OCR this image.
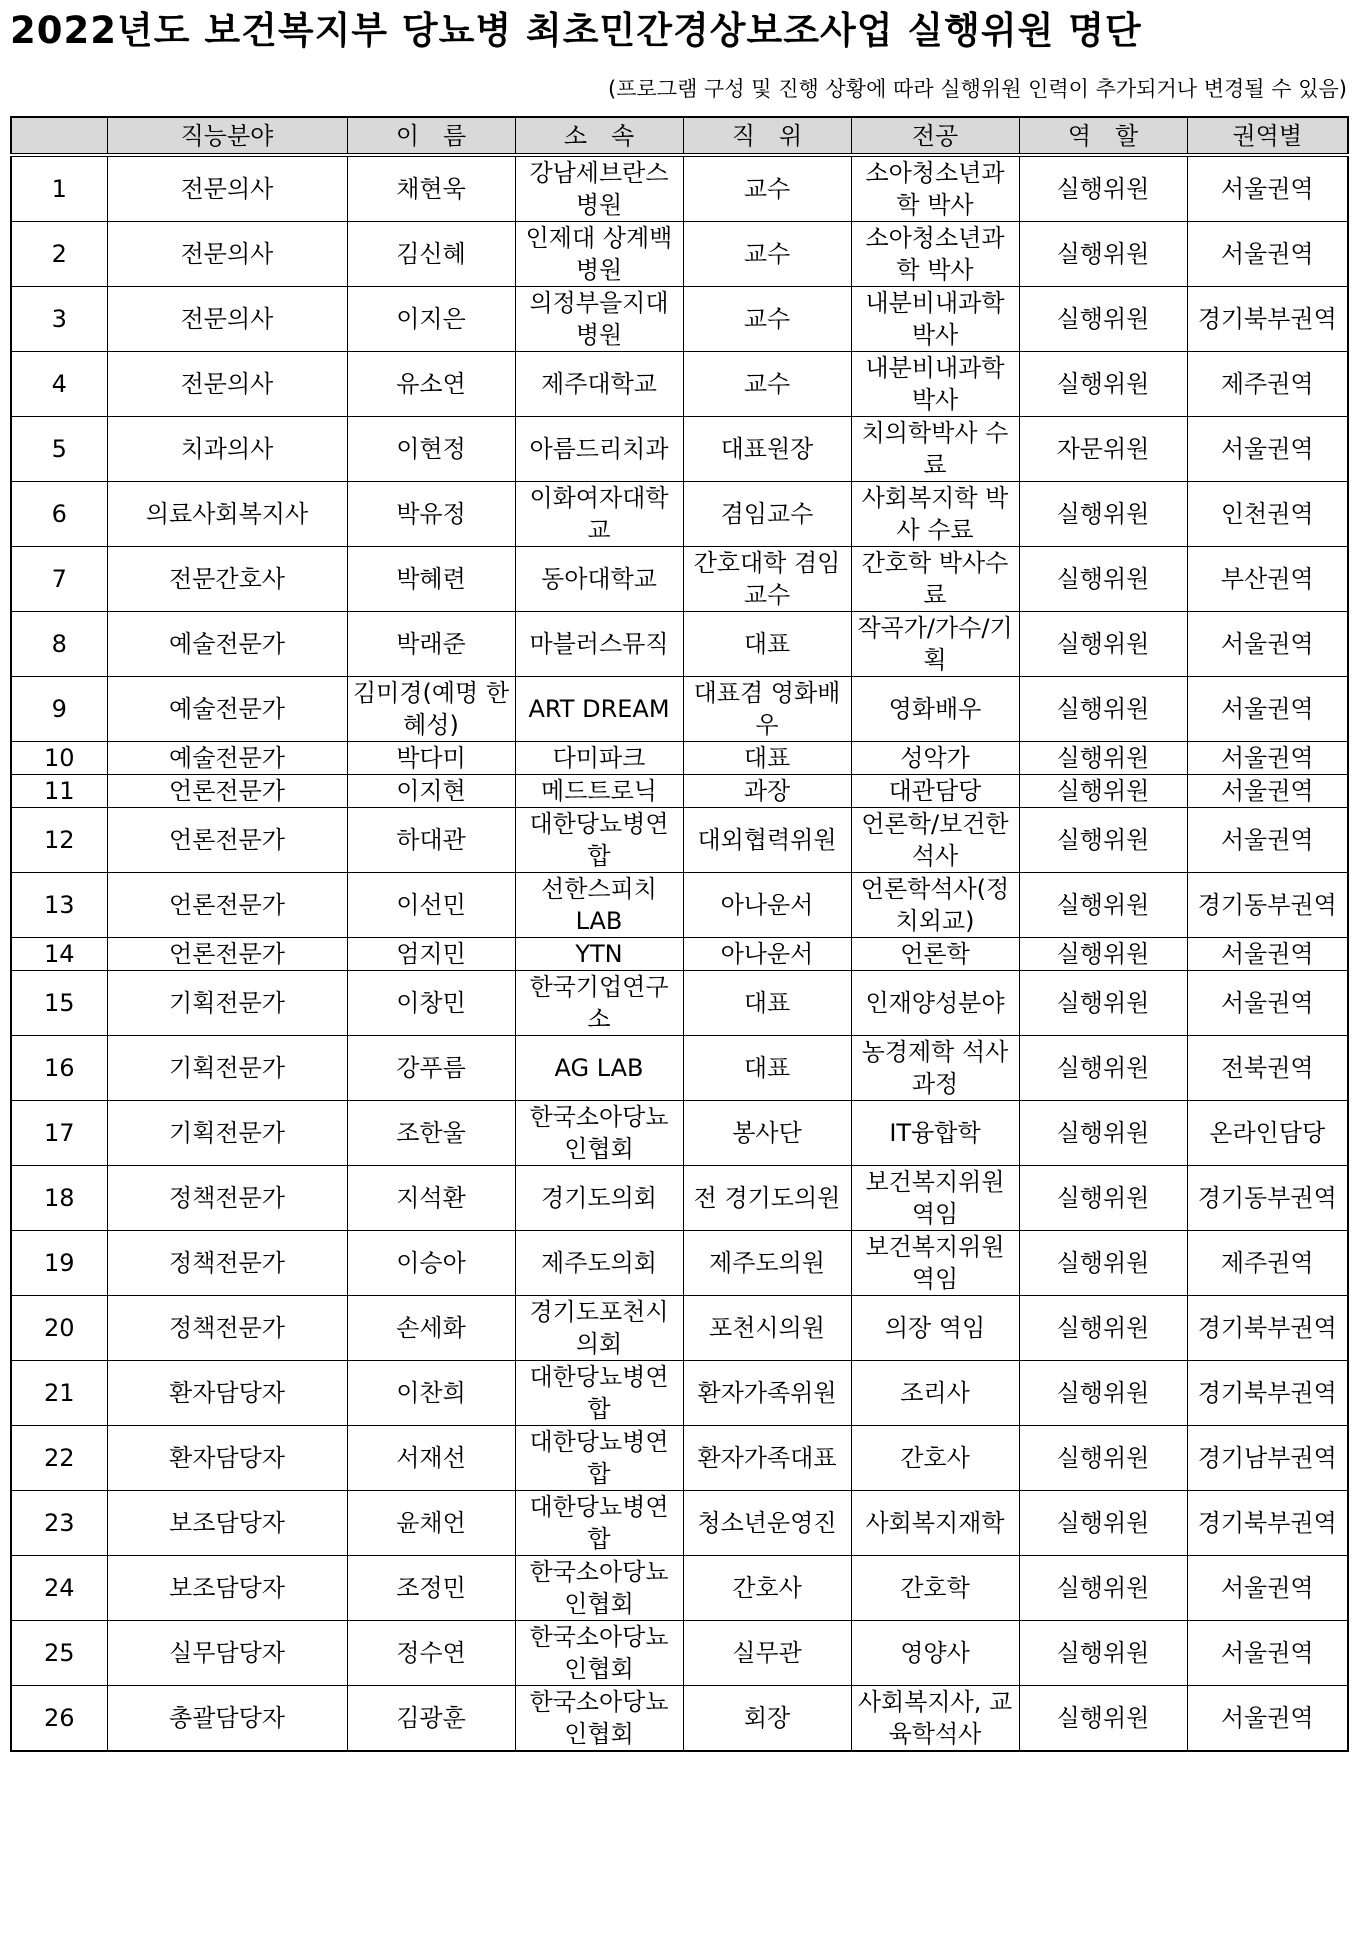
2022년도 보건복지부 당뇨병 최초민간경상보조사업 실행위원 명단
(프로그램 구성 및 진행 상황에 따라 실행위원 인력이 추가되거나 변경될 수 있음)
	직능분야	이　름	소　속	직　위	전공	역　할	권역별
1	전문의사	채현욱	강남세브란스병원	교수	소아청소년과학 박사	실행위원	서울권역
2	전문의사	김신혜	인제대 상계백병원	교수	소아청소년과학 박사	실행위원	서울권역
3	전문의사	이지은	의정부을지대병원	교수	내분비내과학 박사	실행위원	경기북부권역
4	전문의사	유소연	제주대학교	교수	내분비내과학 박사	실행위원	제주권역
5	치과의사	이현정	아름드리치과	대표원장	치의학박사 수료	자문위원	서울권역
6	의료사회복지사	박유정	이화여자대학교	겸임교수	사회복지학 박사 수료	실행위원	인천권역
7	전문간호사	박혜련	동아대학교	간호대학 겸임교수	간호학 박사수료	실행위원	부산권역
8	예술전문가	박래준	마블러스뮤직	대표	작곡가/가수/기획	실행위원	서울권역
9	예술전문가	김미경(예명 한혜성)	ART DREAM	대표겸 영화배우	영화배우	실행위원	서울권역
10	예술전문가	박다미	다미파크	대표	성악가	실행위원	서울권역
11	언론전문가	이지현	메드트로닉	과장	대관담당	실행위원	서울권역
12	언론전문가	하대관	대한당뇨병연합	대외협력위원	언론학/보건한 석사	실행위원	서울권역
13	언론전문가	이선민	선한스피치LAB	아나운서	언론학석사(정치외교)	실행위원	경기동부권역
14	언론전문가	엄지민	YTN	아나운서	언론학	실행위원	서울권역
15	기획전문가	이창민	한국기업연구소	대표	인재양성분야	실행위원	서울권역
16	기획전문가	강푸름	AG LAB	대표	농경제학 석사과정	실행위원	전북권역
17	기획전문가	조한울	한국소아당뇨인협회	봉사단	IT융합학	실행위원	온라인담당
18	정책전문가	지석환	경기도의회	전 경기도의원	보건복지위원 역임	실행위원	경기동부권역
19	정책전문가	이승아	제주도의회	제주도의원	보건복지위원 역임	실행위원	제주권역
20	정책전문가	손세화	경기도포천시의회	포천시의원	의장 역임	실행위원	경기북부권역
21	환자담당자	이찬희	대한당뇨병연합	환자가족위원	조리사	실행위원	경기북부권역
22	환자담당자	서재선	대한당뇨병연합	환자가족대표	간호사	실행위원	경기남부권역
23	보조담당자	윤채언	대한당뇨병연합	청소년운영진	사회복지재학	실행위원	경기북부권역
24	보조담당자	조정민	한국소아당뇨인협회	간호사	간호학	실행위원	서울권역
25	실무담당자	정수연	한국소아당뇨인협회	실무관	영양사	실행위원	서울권역
26	총괄담당자	김광훈	한국소아당뇨인협회	회장	사회복지사, 교육학석사	실행위원	서울권역
